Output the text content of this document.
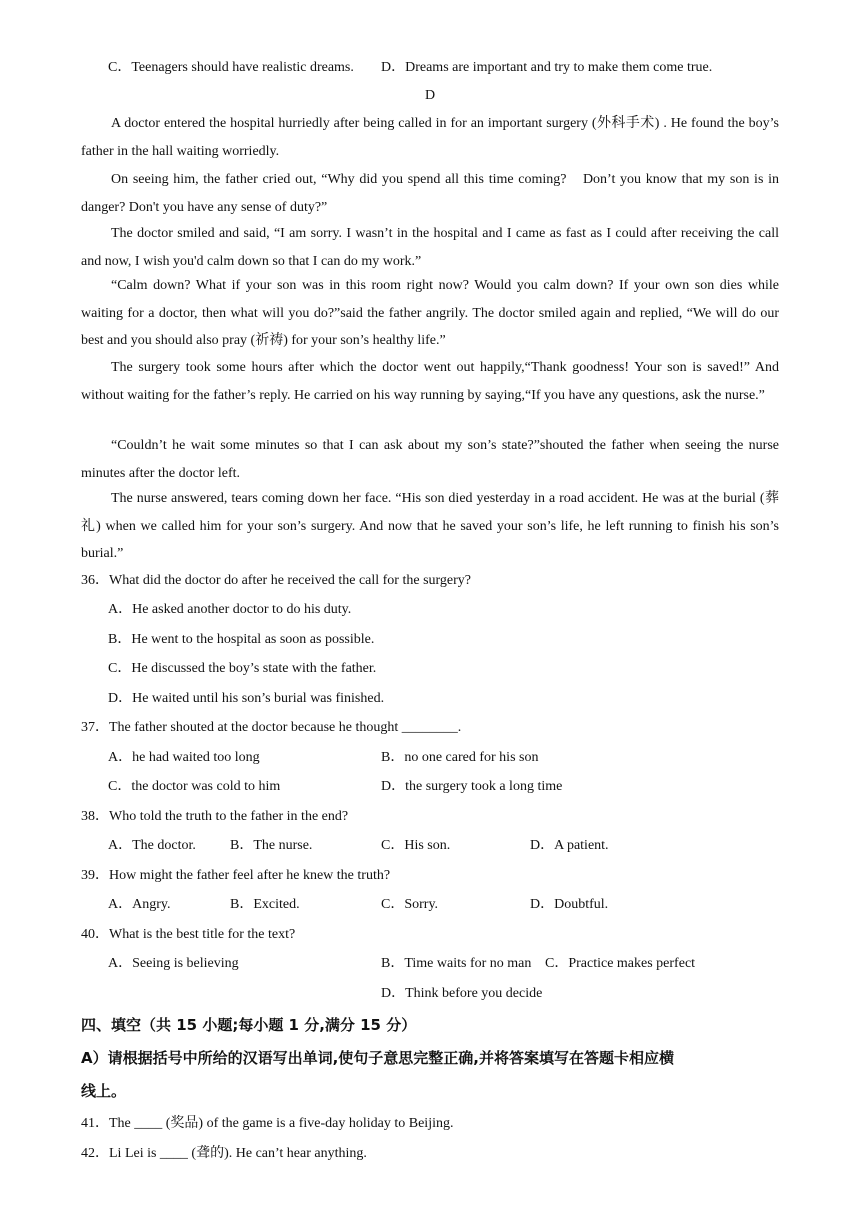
C．Teenagers should have realistic dreams. D．Dreams are important and try to make them come true.
D
A doctor entered the hospital hurriedly after being called in for an important surgery (外科手术) . He found the boy’s father in the hall waiting worriedly.
On seeing him, the father cried out, “Why did you spend all this time coming?　Don’t you know that my son is in danger? Don't you have any sense of duty?”
The doctor smiled and said, “I am sorry. I wasn’t in the hospital and I came as fast as I could after receiving the call and now, I wish you'd calm down so that I can do my work.”
“Calm down? What if your son was in this room right now? Would you calm down? If your own son dies while waiting for a doctor, then what will you do?”said the father angrily. The doctor smiled again and replied, “We will do our best and you should also pray (祈祷) for your son’s healthy life.”
The surgery took some hours after which the doctor went out happily,“Thank goodness! Your son is saved!” And without waiting for the father’s reply. He carried on his way running by saying,“If you have any questions, ask the nurse.”
“Couldn’t he wait some minutes so that I can ask about my son’s state?”shouted the father when seeing the nurse minutes after the doctor left.
The nurse answered, tears coming down her face. “His son died yesterday in a road accident. He was at the burial (葬礼) when we called him for your son’s surgery. And now that he saved your son’s life, he left running to finish his son’s burial.”
36．What did the doctor do after he received the call for the surgery?
A．He asked another doctor to do his duty.
B．He went to the hospital as soon as possible.
C．He discussed the boy’s state with the father.
D．He waited until his son’s burial was finished.
37．The father shouted at the doctor because he thought ________.
A．he had waited too long	B．no one cared for his son
C．the doctor was cold to him	D．the surgery took a long time
38．Who told the truth to the father in the end?
A．The doctor. B．The nurse.	C．His son.	D．A patient.
39．How might the father feel after he knew the truth?
A．Angry.	B．Excited.	C．Sorry.	D．Doubtful.
40．What is the best title for the text?
A．Seeing is believing	B．Time waits for no man C．Practice makes perfect
D．Think before you decide
四、填空（共 15 小题;每小题 1 分,满分 15 分）
A）请根据括号中所给的汉语写出单词,使句子意思完整正确,并将答案填写在答题卡相应横
线上。
41．The ____ (奖品) of the game is a five-day holiday to Beijing.
42．Li Lei is ____ (聋的). He can’t hear anything.
